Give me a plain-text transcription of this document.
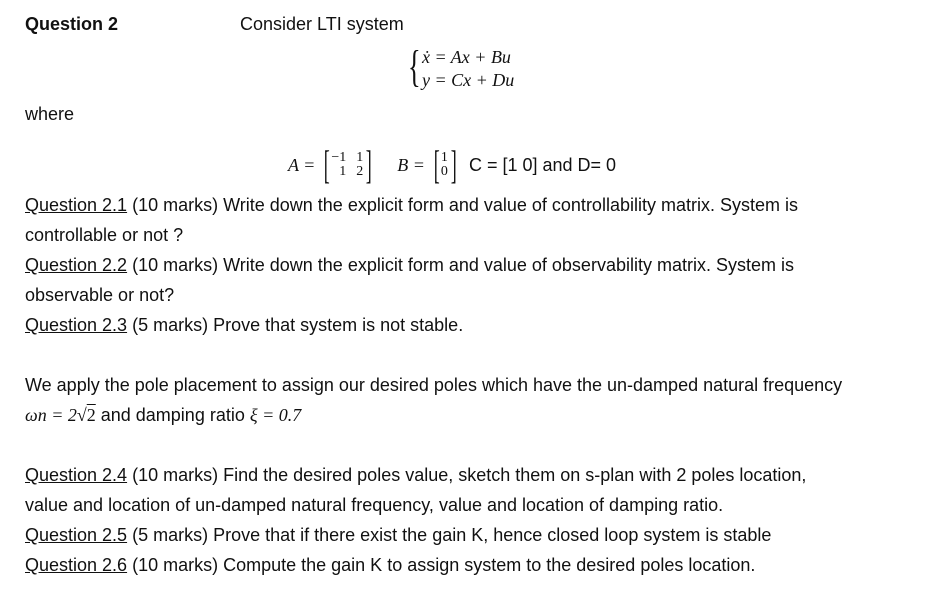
Question 2	Consider LTI system
{ ẋ = Ax + Bu
y = Cx + Du
where
A = [ −1 1
1 2 ]
B = [ 1
0 ] C = [1 0] and D= 0
Question 2.1 (10 marks) Write down the explicit form and value of controllability matrix. System is
controllable or not ?
Question 2.2 (10 marks) Write down the explicit form and value of observability matrix. System is
observable or not?
Question 2.3 (5 marks) Prove that system is not stable.
We apply the pole placement to assign our desired poles which have the un-damped natural frequency
ωn = 2√2 and damping ratio ξ = 0.7
Question 2.4 (10 marks) Find the desired poles value, sketch them on s-plan with 2 poles location,
value and location of un-damped natural frequency, value and location of damping ratio.
Question 2.5 (5 marks) Prove that if there exist the gain K, hence closed loop system is stable
Question 2.6 (10 marks) Compute the gain K to assign system to the desired poles location.
